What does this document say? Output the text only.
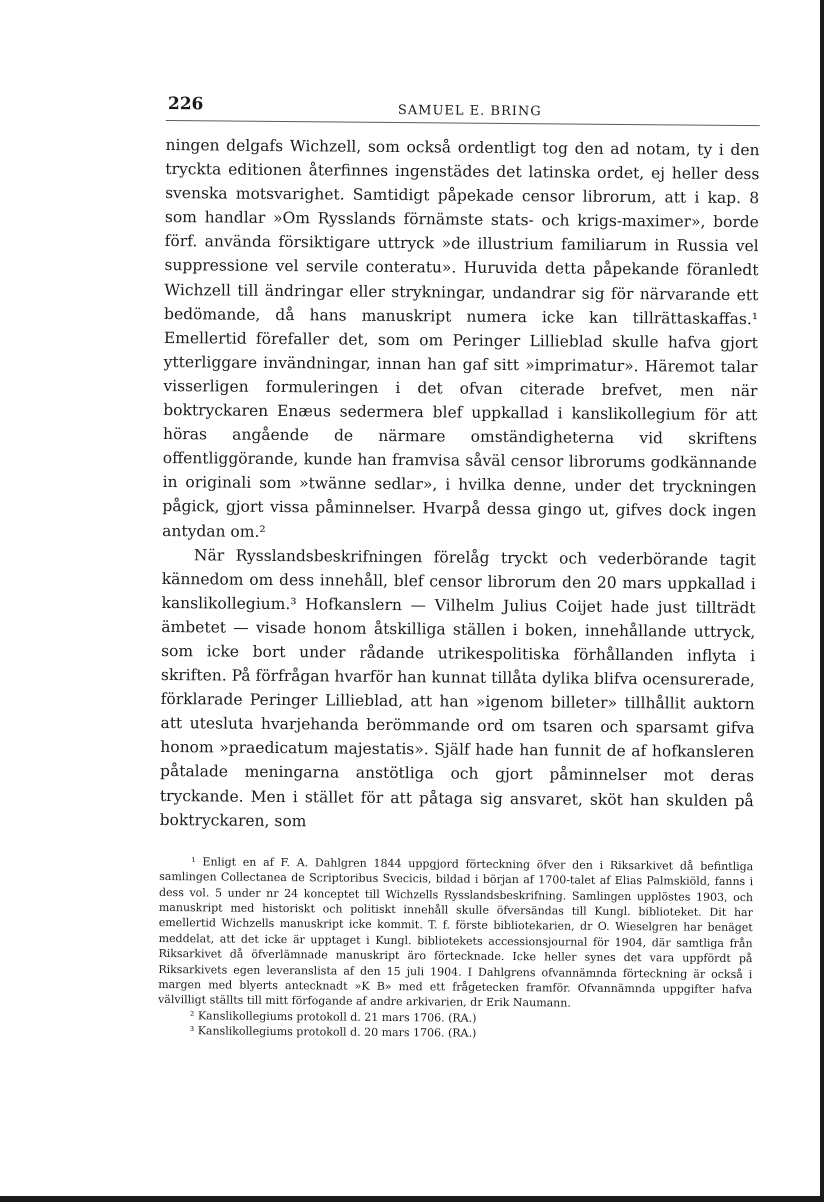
226	SAMUEL E. BRING

ningen delgafs Wichzell, som också ordentligt tog den ad notam, ty i den tryckta editionen återfinnes ingenstädes det latinska ordet, ej heller dess svenska motsvarighet. Samtidigt påpekade censor librorum, att i kap. 8 som handlar »Om Rysslands förnämste stats- och krigs-maximer», borde förf. använda försiktigare uttryck »de illustrium familiarum in Russia vel suppressione vel servile conteratu». Huruvida detta påpekande föranledt Wichzell till ändringar eller strykningar, undandrar sig för närvarande ett bedömande, då hans manuskript numera icke kan tillrättaskaffas.¹ Emellertid förefaller det, som om Peringer Lillieblad skulle hafva gjort ytterliggare invändningar, innan han gaf sitt »imprimatur». Häremot talar visserligen formuleringen i det ofvan citerade brefvet, men när boktryckaren Enæus sedermera blef uppkallad i kanslikollegium för att höras angående de närmare omständigheterna vid skriftens offentliggörande, kunde han framvisa såväl censor librorums godkännande in originali som »twänne sedlar», i hvilka denne, under det tryckningen pågick, gjort vissa påminnelser. Hvarpå dessa gingo ut, gifves dock ingen antydan om.²

När Rysslandsbeskrifningen förelåg tryckt och vederbörande tagit kännedom om dess innehåll, blef censor librorum den 20 mars uppkallad i kanslikollegium.³ Hofkanslern — Vilhelm Julius Coijet hade just tillträdt ämbetet — visade honom åtskilliga ställen i boken, innehållande uttryck, som icke bort under rådande utrikespolitiska förhållanden inflyta i skriften. På förfrågan hvarför han kunnat tillåta dylika blifva ocensurerade, förklarade Peringer Lillieblad, att han »igenom billeter» tillhållit auktorn att utesluta hvarjehanda berömmande ord om tsaren och sparsamt gifva honom »praedicatum majestatis». Själf hade han funnit de af hofkansleren påtalade meningarna anstötliga och gjort påminnelser mot deras tryckande. Men i stället för att påtaga sig ansvaret, sköt han skulden på boktryckaren, som

¹ Enligt en af F. A. Dahlgren 1844 uppgjord förteckning öfver den i Riksarkivet då befintliga samlingen Collectanea de Scriptoribus Svecicis, bildad i början af 1700-talet af Elias Palmskiöld, fanns i dess vol. 5 under nr 24 konceptet till Wichzells Rysslandsbeskrifning. Samlingen upplöstes 1903, och manuskript med historiskt och politiskt innehåll skulle öfversändas till Kungl. biblioteket. Dit har emellertid Wichzells manuskript icke kommit. T. f. förste bibliotekarien, dr O. Wieselgren har benäget meddelat, att det icke är upptaget i Kungl. bibliotekets accessionsjournal för 1904, där samtliga från Riksarkivet då öfverlämnade manuskript äro förtecknade. Icke heller synes det vara uppfördt på Riksarkivets egen leveranslista af den 15 juli 1904. I Dahlgrens ofvannämnda förteckning är också i margen med blyerts antecknadt »K B» med ett frågetecken framför. Ofvannämnda uppgifter hafva välvilligt ställts till mitt förfogande af andre arkivarien, dr Erik Naumann.

² Kanslikollegiums protokoll d. 21 mars 1706. (RA.)

³ Kanslikollegiums protokoll d. 20 mars 1706. (RA.)
